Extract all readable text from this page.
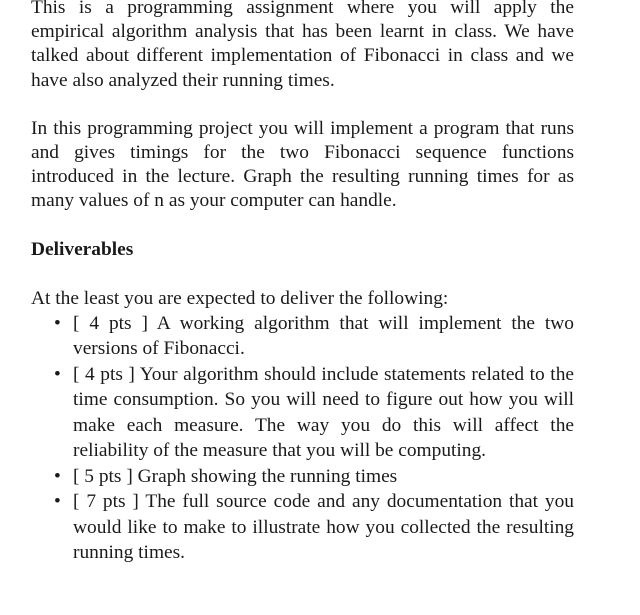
This is a programming assignment where you will apply the empirical algorithm analysis that has been learnt in class. We have talked about different implementation of Fibonacci in class and we have also analyzed their running times.

In this programming project you will implement a program that runs and gives timings for the two Fibonacci sequence functions introduced in the lecture. Graph the resulting running times for as many values of n as your computer can handle.

Deliverables
At the least you are expected to deliver the following:
• [ 4 pts ] A working algorithm that will implement the two versions of Fibonacci.
• [ 4 pts ] Your algorithm should include statements related to the time consumption. So you will need to figure out how you will make each measure. The way you do this will affect the reliability of the measure that you will be computing.
• [ 5 pts ] Graph showing the running times
• [ 7 pts ] The full source code and any documentation that you would like to make to illustrate how you collected the resulting running times.
